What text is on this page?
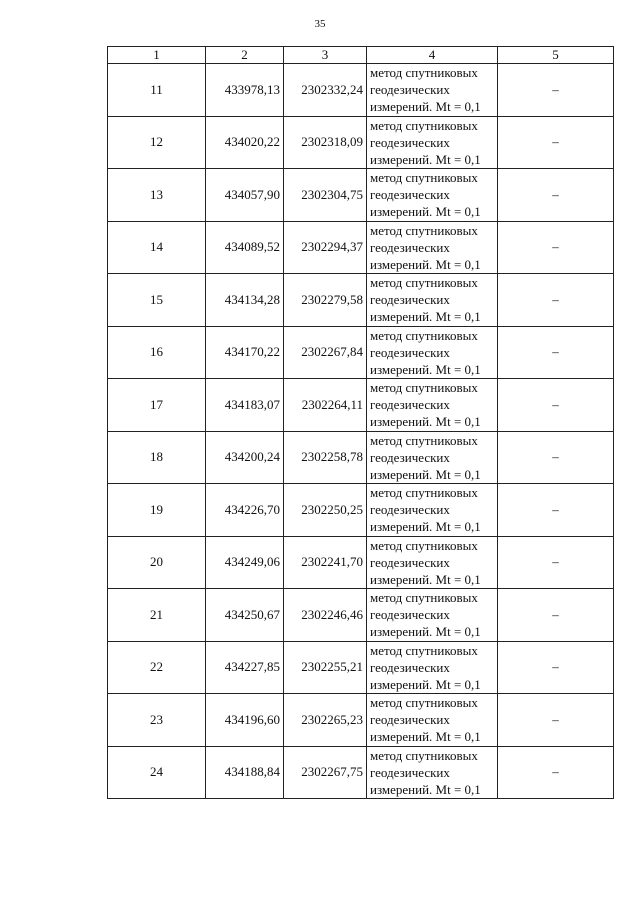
35
1	2	3	4	5
11	433978,13	2302332,24	метод спутниковых
геодезических
измерений. Mt = 0,1	–
12	434020,22	2302318,09	метод спутниковых
геодезических
измерений. Mt = 0,1	–
13	434057,90	2302304,75	метод спутниковых
геодезических
измерений. Mt = 0,1	–
14	434089,52	2302294,37	метод спутниковых
геодезических
измерений. Mt = 0,1	–
15	434134,28	2302279,58	метод спутниковых
геодезических
измерений. Mt = 0,1	–
16	434170,22	2302267,84	метод спутниковых
геодезических
измерений. Mt = 0,1	–
17	434183,07	2302264,11	метод спутниковых
геодезических
измерений. Mt = 0,1	–
18	434200,24	2302258,78	метод спутниковых
геодезических
измерений. Mt = 0,1	–
19	434226,70	2302250,25	метод спутниковых
геодезических
измерений. Mt = 0,1	–
20	434249,06	2302241,70	метод спутниковых
геодезических
измерений. Mt = 0,1	–
21	434250,67	2302246,46	метод спутниковых
геодезических
измерений. Mt = 0,1	–
22	434227,85	2302255,21	метод спутниковых
геодезических
измерений. Mt = 0,1	–
23	434196,60	2302265,23	метод спутниковых
геодезических
измерений. Mt = 0,1	–
24	434188,84	2302267,75	метод спутниковых
геодезических
измерений. Mt = 0,1	–
